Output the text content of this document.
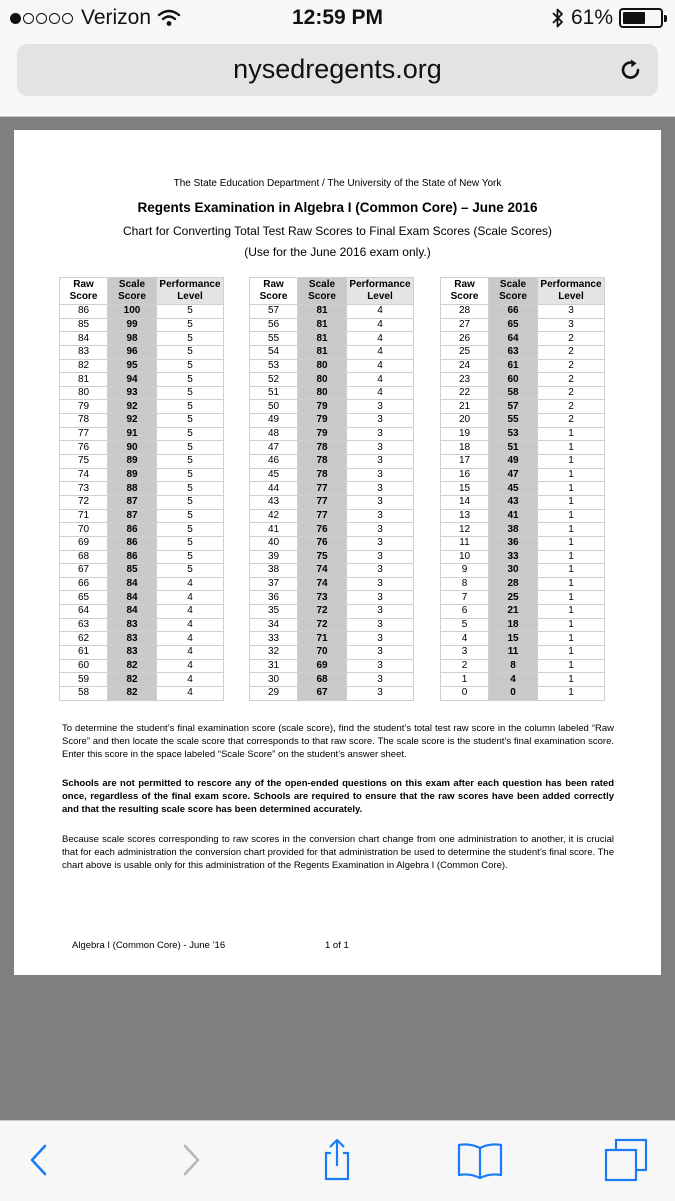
Verizon	12:59 PM	61%
nysedregents.org
The State Education Department / The University of the State of New York
Regents Examination in Algebra I (Common Core) – June 2016
Chart for Converting Total Test Raw Scores to Final Exam Scores (Scale Scores)
(Use for the June 2016 exam only.)
Raw Score	Scale Score	Performance Level
86	100	5
85	99	5
84	98	5
83	96	5
82	95	5
81	94	5
80	93	5
79	92	5
78	92	5
77	91	5
76	90	5
75	89	5
74	89	5
73	88	5
72	87	5
71	87	5
70	86	5
69	86	5
68	86	5
67	85	5
66	84	4
65	84	4
64	84	4
63	83	4
62	83	4
61	83	4
60	82	4
59	82	4
58	82	4
Raw Score	Scale Score	Performance Level
57	81	4
56	81	4
55	81	4
54	81	4
53	80	4
52	80	4
51	80	4
50	79	3
49	79	3
48	79	3
47	78	3
46	78	3
45	78	3
44	77	3
43	77	3
42	77	3
41	76	3
40	76	3
39	75	3
38	74	3
37	74	3
36	73	3
35	72	3
34	72	3
33	71	3
32	70	3
31	69	3
30	68	3
29	67	3
Raw Score	Scale Score	Performance Level
28	66	3
27	65	3
26	64	2
25	63	2
24	61	2
23	60	2
22	58	2
21	57	2
20	55	2
19	53	1
18	51	1
17	49	1
16	47	1
15	45	1
14	43	1
13	41	1
12	38	1
11	36	1
10	33	1
9	30	1
8	28	1
7	25	1
6	21	1
5	18	1
4	15	1
3	11	1
2	8	1
1	4	1
0	0	1
To determine the student’s final examination score (scale score), find the student’s total test raw score in the column labeled “Raw Score” and then locate the scale score that corresponds to that raw score. The scale score is the student’s final examination score. Enter this score in the space labeled “Scale Score” on the student’s answer sheet.
Schools are not permitted to rescore any of the open-ended questions on this exam after each question has been rated once, regardless of the final exam score. Schools are required to ensure that the raw scores have been added correctly and that the resulting scale score has been determined accurately.
Because scale scores corresponding to raw scores in the conversion chart change from one administration to another, it is crucial that for each administration the conversion chart provided for that administration be used to determine the student’s final score. The chart above is usable only for this administration of the Regents Examination in Algebra I (Common Core).
Algebra I (Common Core) - June ’16	1 of 1
